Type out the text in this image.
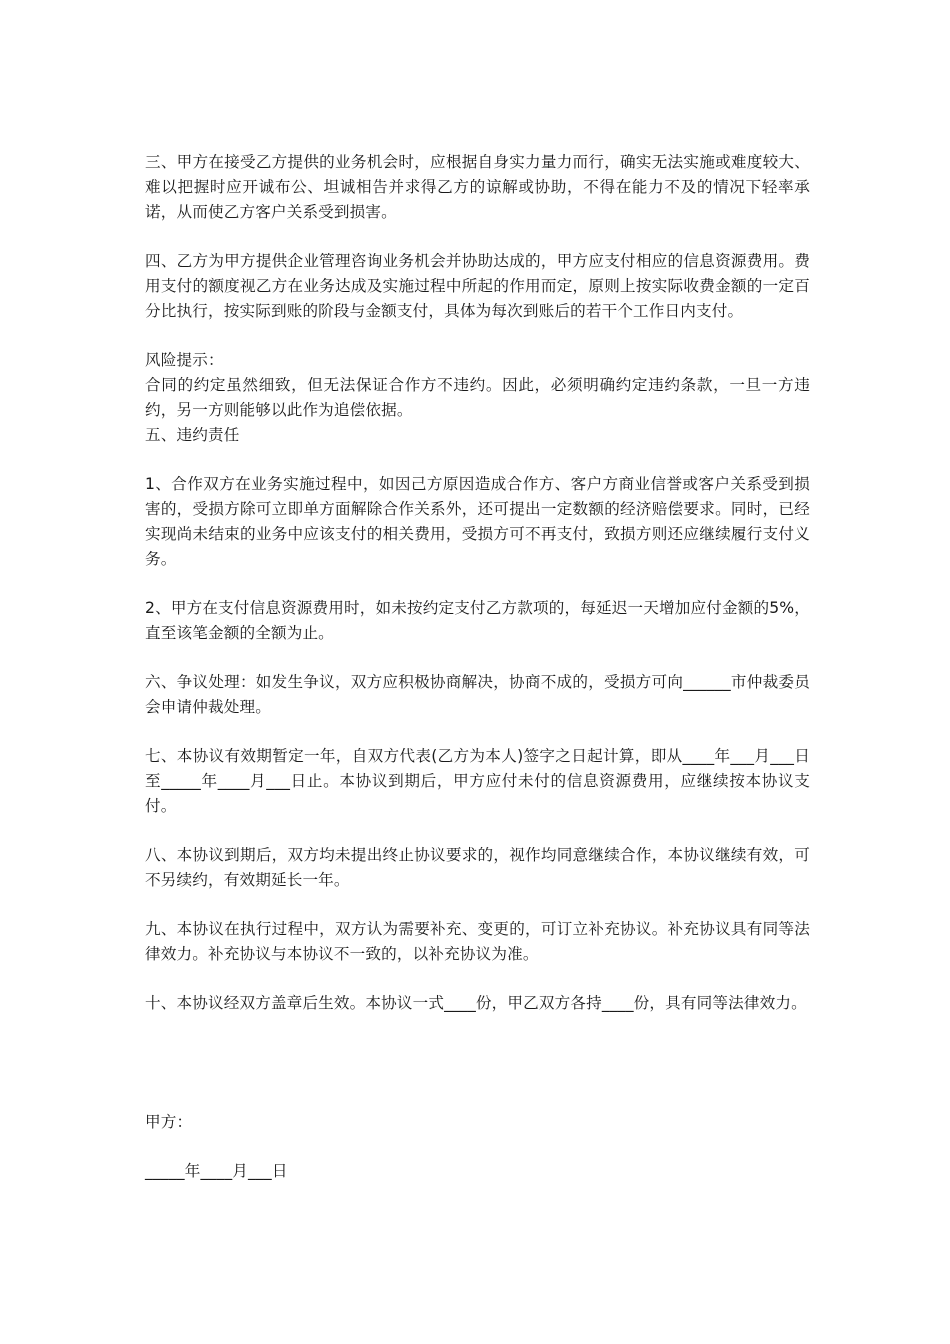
三、甲方在接受乙方提供的业务机会时，应根据自身实力量力而行，确实无法实施或难度较大、难以把握时应开诚布公、坦诚相告并求得乙方的谅解或协助，不得在能力不及的情况下轻率承诺，从而使乙方客户关系受到损害。

四、乙方为甲方提供企业管理咨询业务机会并协助达成的，甲方应支付相应的信息资源费用。费用支付的额度视乙方在业务达成及实施过程中所起的作用而定，原则上按实际收费金额的一定百分比执行，按实际到账的阶段与金额支付，具体为每次到账后的若干个工作日内支付。

风险提示：

合同的约定虽然细致，但无法保证合作方不违约。因此，必须明确约定违约条款，一旦一方违约，另一方则能够以此作为追偿依据。

五、违约责任

1、合作双方在业务实施过程中，如因己方原因造成合作方、客户方商业信誉或客户关系受到损害的，受损方除可立即单方面解除合作关系外，还可提出一定数额的经济赔偿要求。同时，已经实现尚未结束的业务中应该支付的相关费用，受损方可不再支付，致损方则还应继续履行支付义务。

2、甲方在支付信息资源费用时，如未按约定支付乙方款项的，每延迟一天增加应付金额的5%，直至该笔金额的全额为止。

六、争议处理：如发生争议，双方应积极协商解决，协商不成的，受损方可向______市仲裁委员会申请仲裁处理。

七、本协议有效期暂定一年，自双方代表(乙方为本人)签字之日起计算，即从____年___月___日至_____年____月___日止。本协议到期后，甲方应付未付的信息资源费用，应继续按本协议支付。

八、本协议到期后，双方均未提出终止协议要求的，视作均同意继续合作，本协议继续有效，可不另续约，有效期延长一年。

九、本协议在执行过程中，双方认为需要补充、变更的，可订立补充协议。补充协议具有同等法律效力。补充协议与本协议不一致的，以补充协议为准。

十、本协议经双方盖章后生效。本协议一式____份，甲乙双方各持____份，具有同等法律效力。

甲方：

_____年____月___日
